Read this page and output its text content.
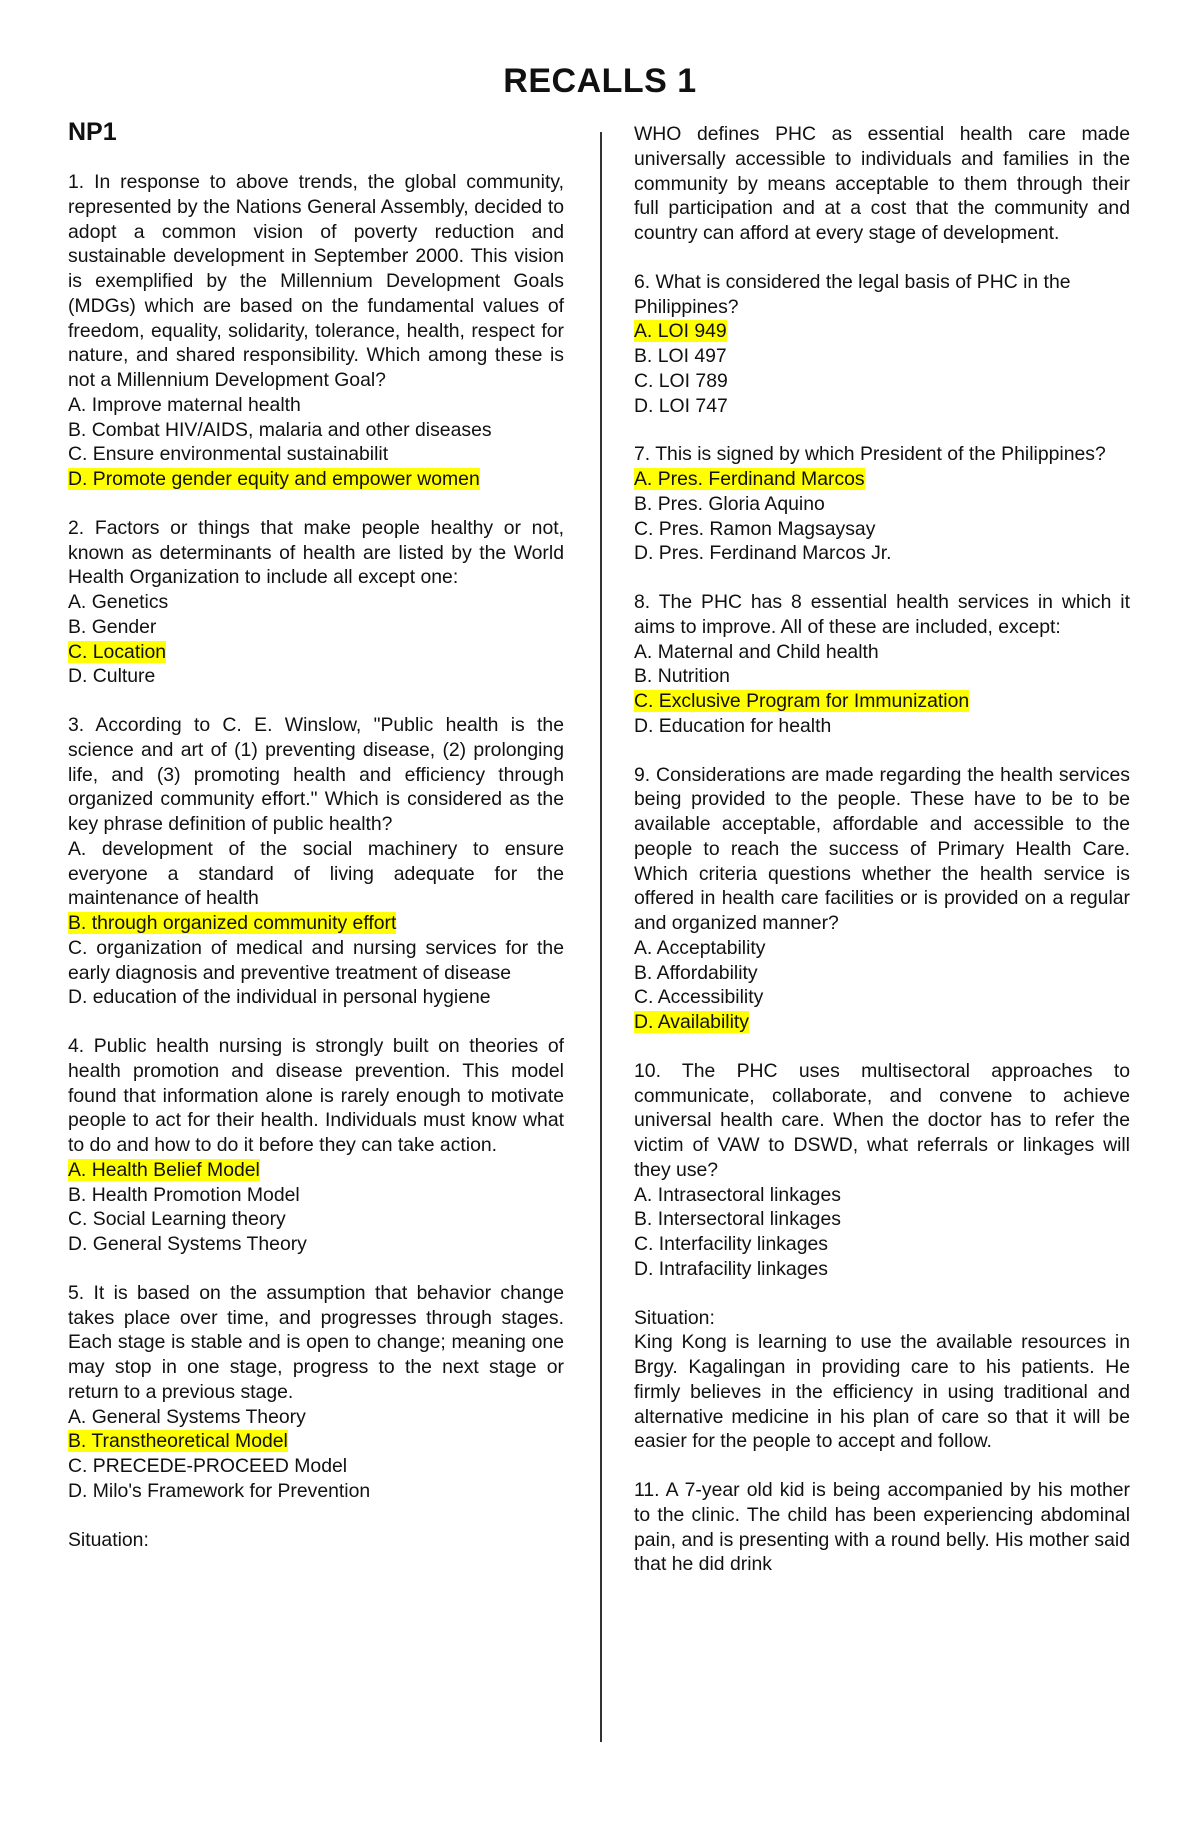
RECALLS 1
NP1
1. In response to above trends, the global community, represented by the Nations General Assembly, decided to adopt a common vision of poverty reduction and sustainable development in September 2000. This vision is exemplified by the Millennium Development Goals (MDGs) which are based on the fundamental values of freedom, equality, solidarity, tolerance, health, respect for nature, and shared responsibility. Which among these is not a Millennium Development Goal?
A. Improve maternal health
B. Combat HIV/AIDS, malaria and other diseases
C. Ensure environmental sustainabilit
D. Promote gender equity and empower women
2. Factors or things that make people healthy or not, known as determinants of health are listed by the World Health Organization to include all except one:
A. Genetics
B. Gender
C. Location
D. Culture
3. According to C. E. Winslow, "Public health is the science and art of (1) preventing disease, (2) prolonging life, and (3) promoting health and efficiency through organized community effort." Which is considered as the key phrase definition of public health?
A. development of the social machinery to ensure everyone a standard of living adequate for the maintenance of health
B. through organized community effort
C. organization of medical and nursing services for the early diagnosis and preventive treatment of disease
D. education of the individual in personal hygiene
4. Public health nursing is strongly built on theories of health promotion and disease prevention. This model found that information alone is rarely enough to motivate people to act for their health. Individuals must know what to do and how to do it before they can take action.
A. Health Belief Model
B. Health Promotion Model
C. Social Learning theory
D. General Systems Theory
5. It is based on the assumption that behavior change takes place over time, and progresses through stages. Each stage is stable and is open to change; meaning one may stop in one stage, progress to the next stage or return to a previous stage.
A. General Systems Theory
B. Transtheoretical Model
C. PRECEDE-PROCEED Model
D. Milo's Framework for Prevention
Situation:
WHO defines PHC as essential health care made universally accessible to individuals and families in the community by means acceptable to them through their full participation and at a cost that the community and country can afford at every stage of development.
6. What is considered the legal basis of PHC in the Philippines?
A. LOI 949
B. LOI 497
C. LOI 789
D. LOI 747
7. This is signed by which President of the Philippines?
A. Pres. Ferdinand Marcos
B. Pres. Gloria Aquino
C. Pres. Ramon Magsaysay
D. Pres. Ferdinand Marcos Jr.
8. The PHC has 8 essential health services in which it aims to improve. All of these are included, except:
A. Maternal and Child health
B. Nutrition
C. Exclusive Program for Immunization
D. Education for health
9. Considerations are made regarding the health services being provided to the people. These have to be to be available acceptable, affordable and accessible to the people to reach the success of Primary Health Care. Which criteria questions whether the health service is offered in health care facilities or is provided on a regular and organized manner?
A. Acceptability
B. Affordability
C. Accessibility
D. Availability
10. The PHC uses multisectoral approaches to communicate, collaborate, and convene to achieve universal health care. When the doctor has to refer the victim of VAW to DSWD, what referrals or linkages will they use?
A. Intrasectoral linkages
B. Intersectoral linkages
C. Interfacility linkages
D. Intrafacility linkages
Situation:
King Kong is learning to use the available resources in Brgy. Kagalingan in providing care to his patients. He firmly believes in the efficiency in using traditional and alternative medicine in his plan of care so that it will be easier for the people to accept and follow.
11. A 7-year old kid is being accompanied by his mother to the clinic. The child has been experiencing abdominal pain, and is presenting with a round belly. His mother said that he did drink
